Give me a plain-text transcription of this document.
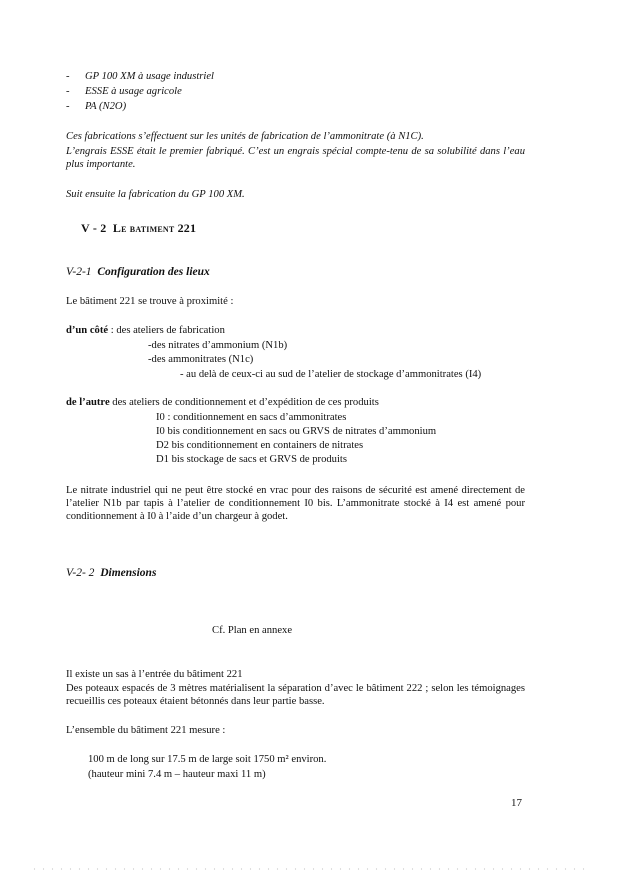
- GP 100 XM à usage industriel
- ESSE à usage agricole
- PA (N2O)
Ces fabrications s’effectuent sur les unités de fabrication de l’ammonitrate (à N1C).
L’engrais ESSE était le premier fabriqué. C’est un engrais spécial compte-tenu de sa solubilité dans l’eau plus importante.
Suit ensuite la fabrication du GP 100 XM.
V - 2 Le batiment 221
V-2-1 Configuration des lieux
Le bâtiment 221 se trouve à proximité :
d’un côté : des ateliers de fabrication
-des nitrates d’ammonium (N1b)
-des ammonitrates (N1c)
- au delà de ceux-ci au sud de l’atelier de stockage d’ammonitrates (I4)
de l’autre des ateliers de conditionnement et d’expédition de ces produits
I0 : conditionnement en sacs d’ammonitrates
I0 bis conditionnement en sacs ou GRVS de nitrates d’ammonium
D2 bis conditionnement en containers de nitrates
D1 bis stockage de sacs et GRVS de produits
Le nitrate industriel qui ne peut être stocké en vrac pour des raisons de sécurité est amené directement de l’atelier N1b par tapis à l’atelier de conditionnement I0 bis. L’ammonitrate stocké à I4 est amené pour conditionnement à I0 à l’aide d’un chargeur à godet.
V-2- 2 Dimensions
Cf. Plan en annexe
Il existe un sas à l’entrée du bâtiment 221
Des poteaux espacés de 3 mètres matérialisent la séparation d’avec le bâtiment 222 ; selon les témoignages recueillis ces poteaux étaient bétonnés dans leur partie basse.
L’ensemble du bâtiment 221 mesure :
100 m de long sur 17.5 m de large soit 1750 m² environ.
(hauteur mini 7.4 m – hauteur maxi 11 m)
17
